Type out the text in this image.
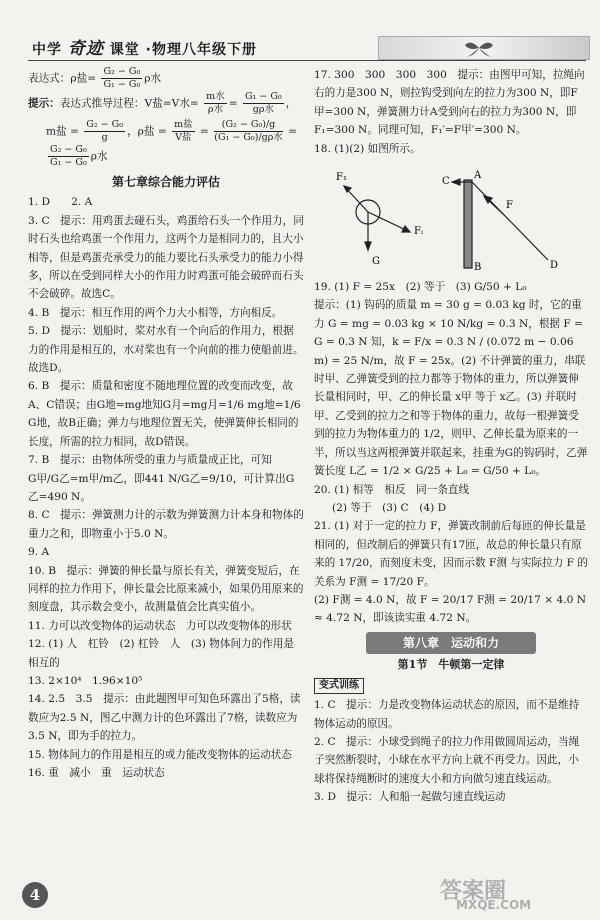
中学 奇迹 课堂 ·物理八年级下册

表达式：ρ盐= $\frac{\text{G₂ − G₀}}{\text{G₁ − G₀}}$ ρ水

提示：表达式推导过程：V盐=V水= $\frac{\text{m水}}{\text{ρ水}} = \frac{\text{G₁ − G₀}}{\text{gρ水}}$ ，

m盐 = $\frac{\text{G₂ − G₀}}{g}$ ，ρ盐 = $\frac{\text{m盐}}{\text{V盐}} = \frac{\text{(G₂ − G₀)/g}}{\text{(G₁ − G₀)/gρ水}}$ =
$\frac{\text{G₂ − G₀}}{\text{G₁ − G₀}}$ ρ水
第七章综合能力评估

1. D　　2. A

3. C　提示：用鸡蛋去碰石头，鸡蛋给石头一个作用力，同时石头也给鸡蛋一个作用力，这两个力是相同力的，且大小相等，但是鸡蛋壳承受力的能力要比石头承受力的能力小得多，所以在受到同样大小的作用力时鸡蛋可能会破碎而石头不会破碎。故选C。

4. B　提示：相互作用的两个力大小相等，方向相反。

5. D　提示：划船时，桨对水有一个向后的作用力，根据力的作用是相互的，水对桨也有一个向前的推力使船前进。故选D。

6. B　提示：质量和密度不随地理位置的改变而改变，故A、C错误；由G地=mg地知G月=mg月=1/6 mg地=1/6 G地，故B正确；弹力与地理位置无关，使弹簧伸长相同的长度，所需的拉力相同，故D错误。

7. B　提示：由物体所受的重力与质量成正比，可知

G甲/G乙=m甲/m乙，即441 N/G乙=9/10，可计算出G乙=490 N。

8. C　提示：弹簧测力计的示数为弹簧测力计本身和物体的重力之和，即物重小于5.0 N。

9. A

10. B　提示：弹簧的伸长量与原长有关，弹簧变短后，在同样的拉力作用下，伸长量会比原来减小，如果仍用原来的刻度盘，其示数会变小，故测量值会比真实值小。

11. 力可以改变物体的运动状态　力可以改变物体的形状

12. (1) 人　杠铃　(2) 杠铃　人　(3) 物体间力的作用是相互的

13. 2×10⁴　1.96×10⁵

14. 2.5　3.5　提示：由此题图甲可知色环露出了5格，读数应为2.5 N，图乙中测力计的色环露出了7格，读数应为3.5 N，即为手的拉力。

15. 物体间力的作用是相互的或力能改变物体的运动状态

16. 重　减小　重　运动状态

17. 300　300　300　300　提示：由图甲可知，拉绳向右的力是300 N，则拉钩受到向左的拉力为300 N，即F甲=300 N，弹簧测力计A受到向右的拉力为300 N，即F₁=300 N。同理可知，F₁′=F甲′=300 N。

18. (1)(2) 如图所示。

F₁
G
Fᵢ
C
A
B	D
F

19. (1) F = 25x　(2) 等于　(3) G/50 + L₀

提示：(1) 钩码的质量 m = 30 g = 0.03 kg 时，它的重力 G = mg = 0.03 kg × 10 N/kg = 0.3 N，根据 F = G = 0.3 N 知，k = F/x = 0.3 N / (0.072 m − 0.06 m) = 25 N/m，故 F = 25x。(2) 不计弹簧的重力，串联时甲、乙弹簧受到的拉力都等于物体的重力，所以弹簧伸长量相同时，甲、乙的伸长量 x甲 等于 x乙。(3) 并联时甲、乙受到的拉力之和等于物体的重力，故每一根弹簧受到的拉力为物体重力的 1/2，则甲、乙伸长量为原来的一半，所以当这两根弹簧并联起来，挂重为G的钩码时，乙弹簧长度 L乙 = 1/2 × G/25 + L₀ = G/50 + L₀。

20. (1) 相等　相反　同一条直线

(2) 等于　(3) C　(4) D

21. (1) 对于一定的拉力 F，弹簧改制前后每匝的伸长量是相同的，但改制后的弹簧只有17匝，故总的伸长量只有原来的 17/20，而刻度未变，因而示数 F测 与实际拉力 F 的关系为 F测 = 17/20 F。

(2) F测 = 4.0 N，故 F = 20/17 F测 = 20/17 × 4.0 N ≈ 4.72 N，即该读实重 4.72 N。

第八章　运动和力
第1节　牛顿第一定律
变式训练

1. C　提示：力是改变物体运动状态的原因，而不是维持物体运动的原因。

2. C　提示：小球受到绳子的拉力作用做圆周运动，当绳子突然断裂时，小球在水平方向上就不再受力。因此，小球将保持绳断时的速度大小和方向做匀速直线运动。

3. D　提示：人和船一起做匀速直线运动

4	答案圈
MXQE.COM
